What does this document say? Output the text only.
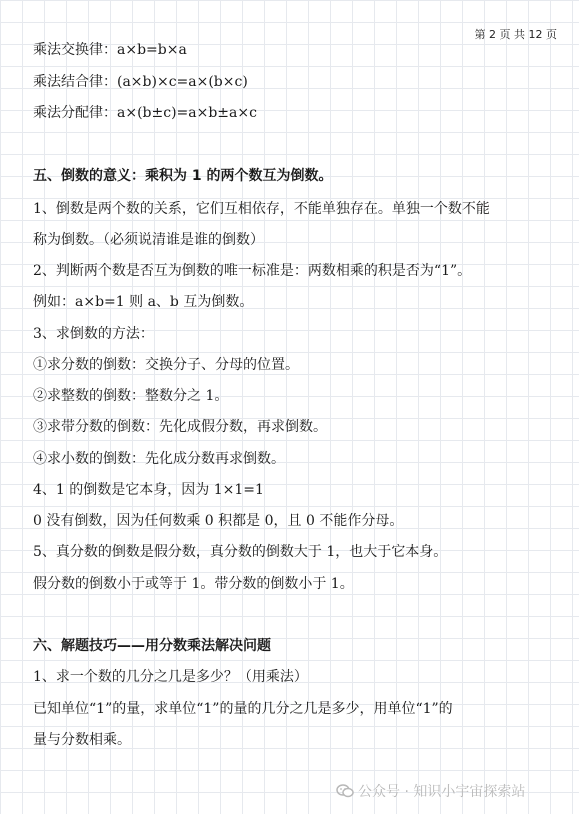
第 2 页 共 12 页
乘法交换律：a×b=b×a
乘法结合律：(a×b)×c=a×(b×c)
乘法分配律：a×(b±c)=a×b±a×c
五、倒数的意义：乘积为 1 的两个数互为倒数。
1、倒数是两个数的关系，它们互相依存，不能单独存在。单独一个数不能
称为倒数。（必须说清谁是谁的倒数）
2、判断两个数是否互为倒数的唯一标准是：两数相乘的积是否为“1”。
例如：a×b=1 则 a、b 互为倒数。
3、求倒数的方法：
①求分数的倒数：交换分子、分母的位置。
②求整数的倒数：整数分之 1。
③求带分数的倒数：先化成假分数，再求倒数。
④求小数的倒数：先化成分数再求倒数。
4、1 的倒数是它本身，因为 1×1=1
0 没有倒数，因为任何数乘 0 积都是 0，且 0 不能作分母。
5、真分数的倒数是假分数，真分数的倒数大于 1，也大于它本身。
假分数的倒数小于或等于 1。带分数的倒数小于 1。
六、解题技巧——用分数乘法解决问题
1、求一个数的几分之几是多少？（用乘法）
已知单位“1”的量，求单位“1”的量的几分之几是多少，用单位“1”的
量与分数相乘。
公众号 · 知识小宇宙探索站
